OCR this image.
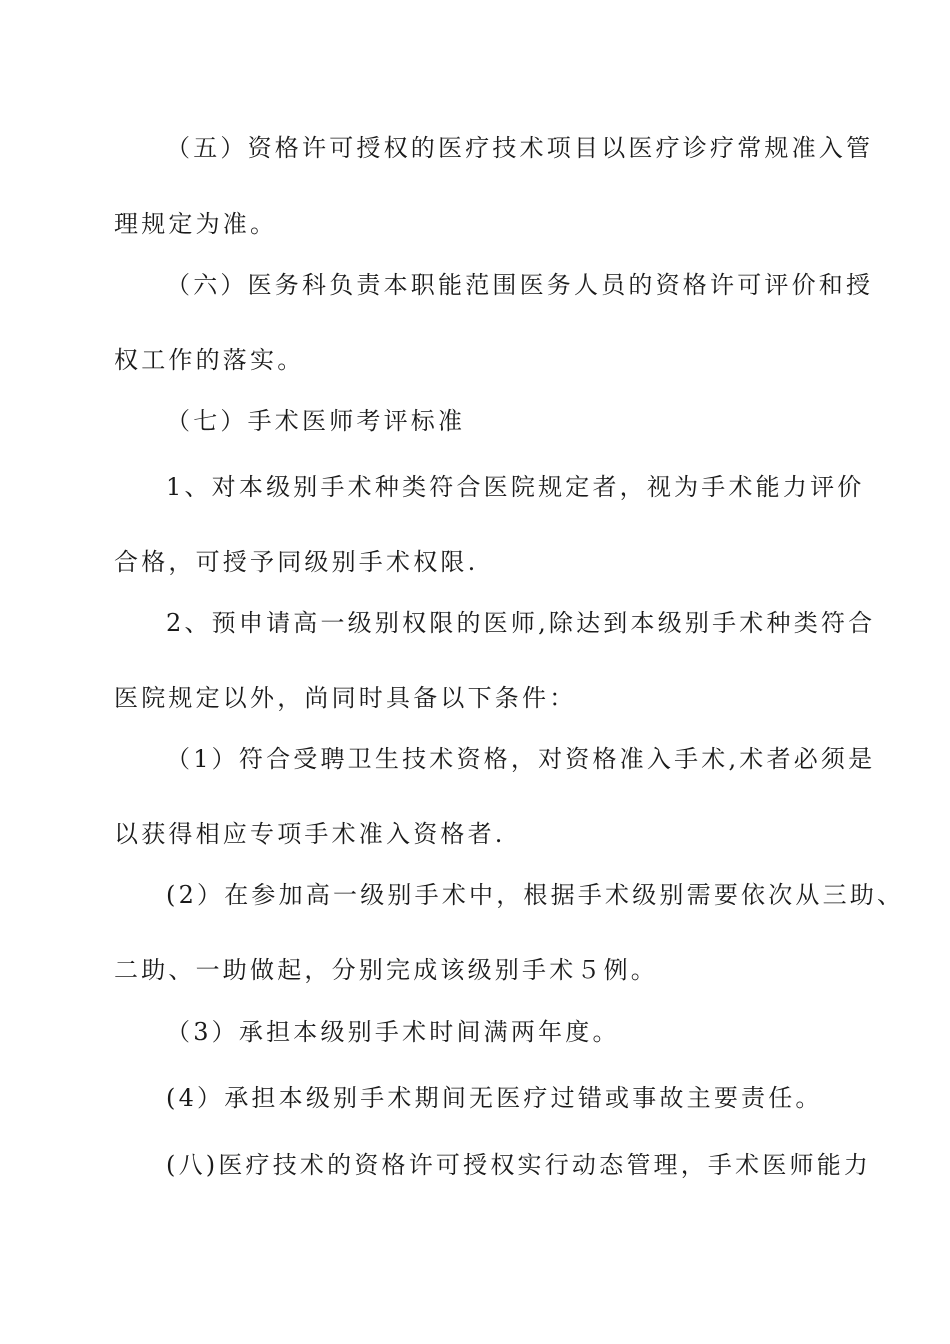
（五）资格许可授权的医疗技术项目以医疗诊疗常规准入管
理规定为准。
（六）医务科负责本职能范围医务人员的资格许可评价和授
权工作的落实。
（七）手术医师考评标准
1、对本级别手术种类符合医院规定者，视为手术能力评价
合格，可授予同级别手术权限.
2、预申请高一级别权限的医师,除达到本级别手术种类符合
医院规定以外，尚同时具备以下条件：
（1）符合受聘卫生技术资格，对资格准入手术,术者必须是
以获得相应专项手术准入资格者.
(2）在参加高一级别手术中，根据手术级别需要依次从三助、
二助、一助做起，分别完成该级别手术５例。
（3）承担本级别手术时间满两年度。
(4）承担本级别手术期间无医疗过错或事故主要责任。
(八)医疗技术的资格许可授权实行动态管理，手术医师能力
